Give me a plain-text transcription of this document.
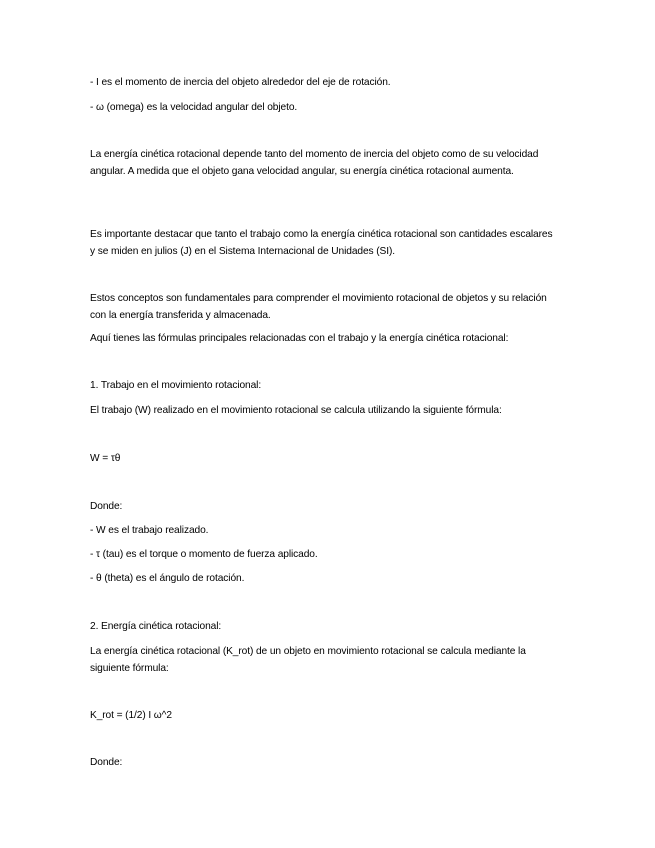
- I es el momento de inercia del objeto alrededor del eje de rotación.
- ω (omega) es la velocidad angular del objeto.
La energía cinética rotacional depende tanto del momento de inercia del objeto como de su velocidad angular. A medida que el objeto gana velocidad angular, su energía cinética rotacional aumenta.
Es importante destacar que tanto el trabajo como la energía cinética rotacional son cantidades escalares y se miden en julios (J) en el Sistema Internacional de Unidades (SI).
Estos conceptos son fundamentales para comprender el movimiento rotacional de objetos y su relación con la energía transferida y almacenada.
Aquí tienes las fórmulas principales relacionadas con el trabajo y la energía cinética rotacional:
1. Trabajo en el movimiento rotacional:
El trabajo (W) realizado en el movimiento rotacional se calcula utilizando la siguiente fórmula:
W = τθ
Donde:
- W es el trabajo realizado.
- τ (tau) es el torque o momento de fuerza aplicado.
- θ (theta) es el ángulo de rotación.
2. Energía cinética rotacional:
La energía cinética rotacional (K_rot) de un objeto en movimiento rotacional se calcula mediante la siguiente fórmula:
K_rot = (1/2) I ω^2
Donde:
